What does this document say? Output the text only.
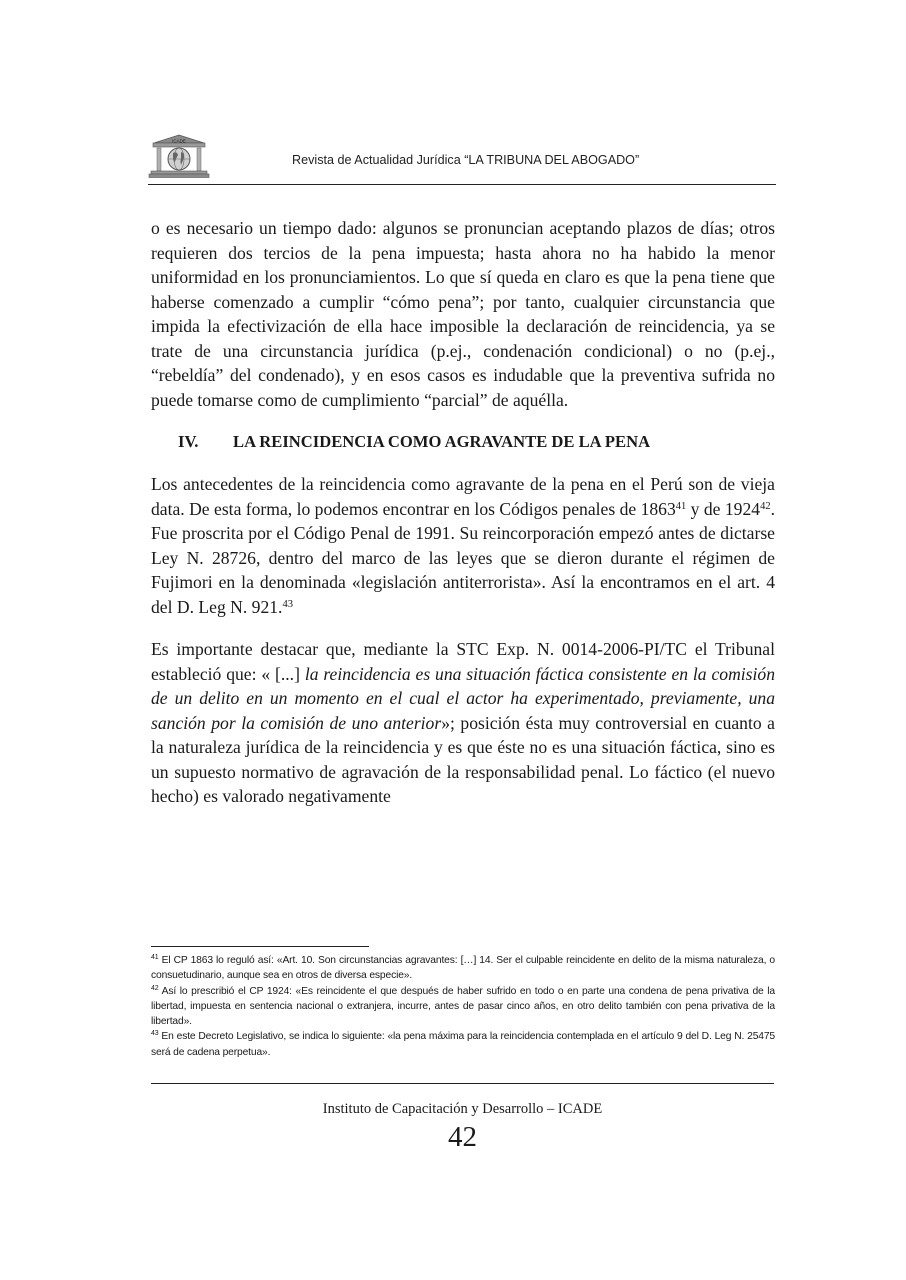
ICADE
Revista de Actualidad Jurídica “LA TRIBUNA DEL ABOGADO”

o es necesario un tiempo dado: algunos se pronuncian aceptando plazos de días; otros requieren dos tercios de la pena impuesta; hasta ahora no ha habido la menor uniformidad en los pronunciamientos. Lo que sí queda en claro es que la pena tiene que haberse comenzado a cumplir “cómo pena”; por tanto, cualquier circunstancia que impida la efectivización de ella hace imposible la declaración de reincidencia, ya se trate de una circunstancia jurídica (p.ej., condenación condicional) o no (p.ej., “rebeldía” del condenado), y en esos casos es indudable que la preventiva sufrida no puede tomarse como de cumplimiento “parcial” de aquélla.

IV. LA REINCIDENCIA COMO AGRAVANTE DE LA PENA

Los antecedentes de la reincidencia como agravante de la pena en el Perú son de vieja data. De esta forma, lo podemos encontrar en los Códigos penales de 1863$^{41}$ y de 1924$^{42}$. Fue proscrita por el Código Penal de 1991. Su reincorporación empezó antes de dictarse Ley N. 28726, dentro del marco de las leyes que se dieron durante el régimen de Fujimori en la denominada «legislación antiterrorista». Así la encontramos en el art. 4 del D. Leg N. 921.43

Es importante destacar que, mediante la STC Exp. N. 0014-2006-PI/TC el Tribunal estableció que: « [...] la reincidencia es una situación fáctica consistente en la comisión de un delito en un momento en el cual el actor ha experimentado, previamente, una sanción por la comisión de uno anterior»; posición ésta muy controversial en cuanto a la naturaleza jurídica de la reincidencia y es que éste no es una situación fáctica, sino es un supuesto normativo de agravación de la responsabilidad penal. Lo fáctico (el nuevo hecho) es valorado negativamente

$^{41}$ El CP 1863 lo reguló así: «Art. 10. Son circunstancias agravantes: […] 14. Ser el culpable reincidente en delito de la misma naturaleza, o consuetudinario, aunque sea en otros de diversa especie».

$^{42}$ Así lo prescribió el CP 1924: «Es reincidente el que después de haber sufrido en todo o en parte una condena de pena privativa de la libertad, impuesta en sentencia nacional o extranjera, incurre, antes de pasar cinco años, en otro delito también con pena privativa de la libertad».

$^{43}$ En este Decreto Legislativo, se indica lo siguiente: «la pena máxima para la reincidencia contemplada en el artículo 9 del D. Leg N. 25475 será de cadena perpetua».

Instituto de Capacitación y Desarrollo – ICADE
42
